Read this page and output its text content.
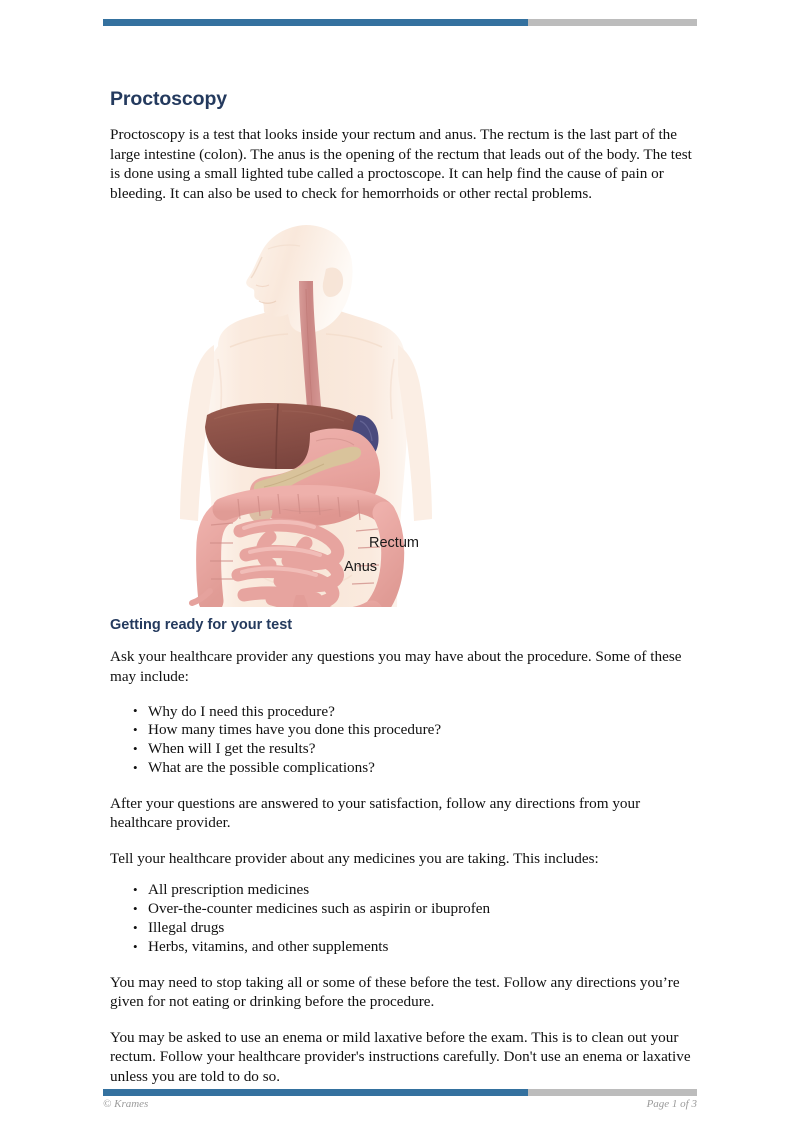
Proctoscopy

Proctoscopy is a test that looks inside your rectum and anus. The rectum is the last part of the large intestine (colon). The anus is the opening of the rectum that leads out of the body. The test is done using a small lighted tube called a proctoscope. It can help find the cause of pain or bleeding. It can also be used to check for hemorrhoids or other rectal problems.

Rectum
Anus
Getting ready for your test

Ask your healthcare provider any questions you may have about the procedure. Some of these may include:

• Why do I need this procedure?
• How many times have you done this procedure?
• When will I get the results?
• What are the possible complications?

After your questions are answered to your satisfaction, follow any directions from your healthcare provider.

Tell your healthcare provider about any medicines you are taking. This includes:

• All prescription medicines
• Over-the-counter medicines such as aspirin or ibuprofen
• Illegal drugs
• Herbs, vitamins, and other supplements

You may need to stop taking all or some of these before the test. Follow any directions you’re given for not eating or drinking before the procedure.

You may be asked to use an enema or mild laxative before the exam. This is to clean out your rectum. Follow your healthcare provider's instructions carefully. Don't use an enema or laxative unless you are told to do so.

© Krames	Page 1 of 3
